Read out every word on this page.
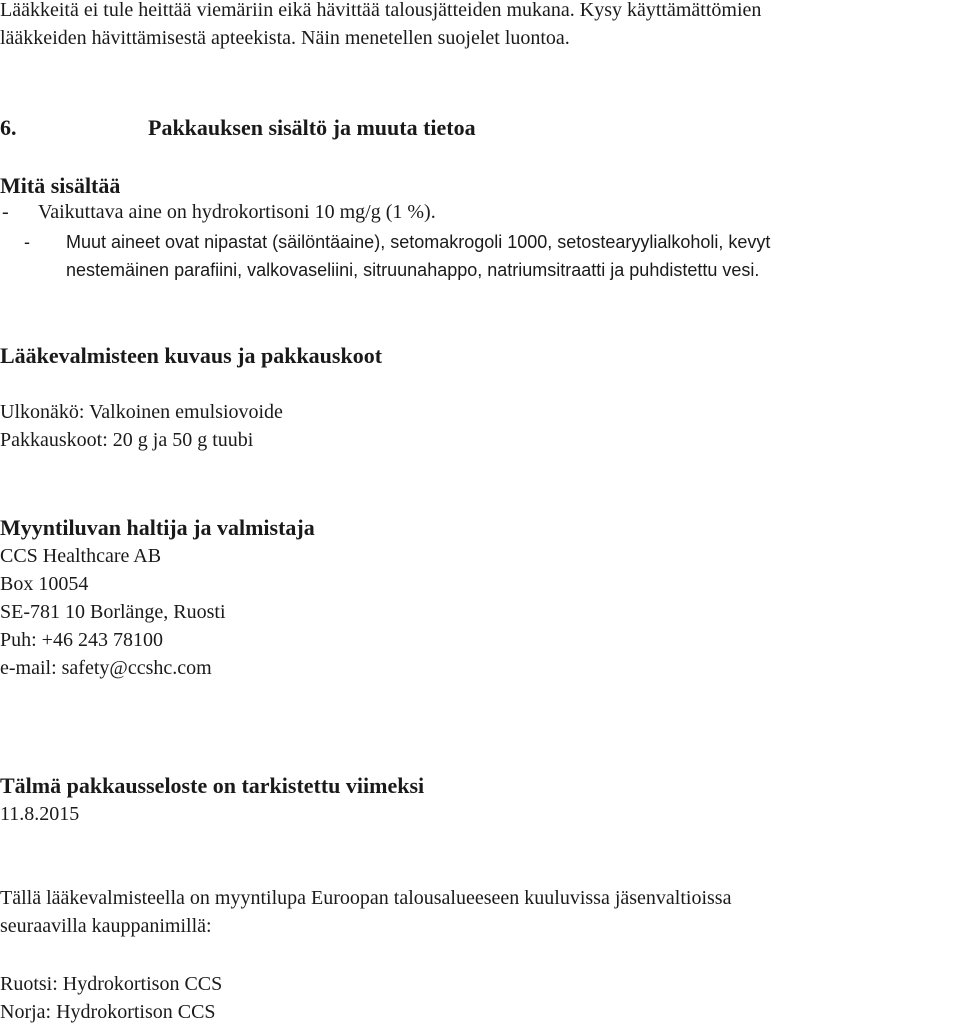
Lääkkeitä ei tule heittää viemäriin eikä hävittää talousjätteiden mukana. Kysy käyttämättömien

lääkkeiden hävittämisestä apteekista. Näin menetellen suojelet luontoa.

6.	Pakkauksen sisältö ja muuta tietoa

Mitä sisältää

- Vaikuttava aine on hydrokortisoni 10 mg/g (1 %).
- Muut aineet ovat nipastat (säilöntäaine), setomakrogoli 1000, setostearyylialkoholi, kevyt
nestemäinen parafiini, valkovaseliini, sitruunahappo, natriumsitraatti ja puhdistettu vesi.

Lääkevalmisteen kuvaus ja pakkauskoot

Ulkonäkö: Valkoinen emulsiovoide

Pakkauskoot: 20 g ja 50 g tuubi

Myyntiluvan haltija ja valmistaja

CCS Healthcare AB

Box 10054

SE-781 10 Borlänge, Ruosti

Puh: +46 243 78100

e-mail: safety@ccshc.com

Tälmä pakkausseloste on tarkistettu viimeksi

11.8.2015

Tällä lääkevalmisteella on myyntilupa Euroopan talousalueeseen kuuluvissa jäsenvaltioissa

seuraavilla kauppanimillä:

Ruotsi: Hydrokortison CCS

Norja: Hydrokortison CCS
